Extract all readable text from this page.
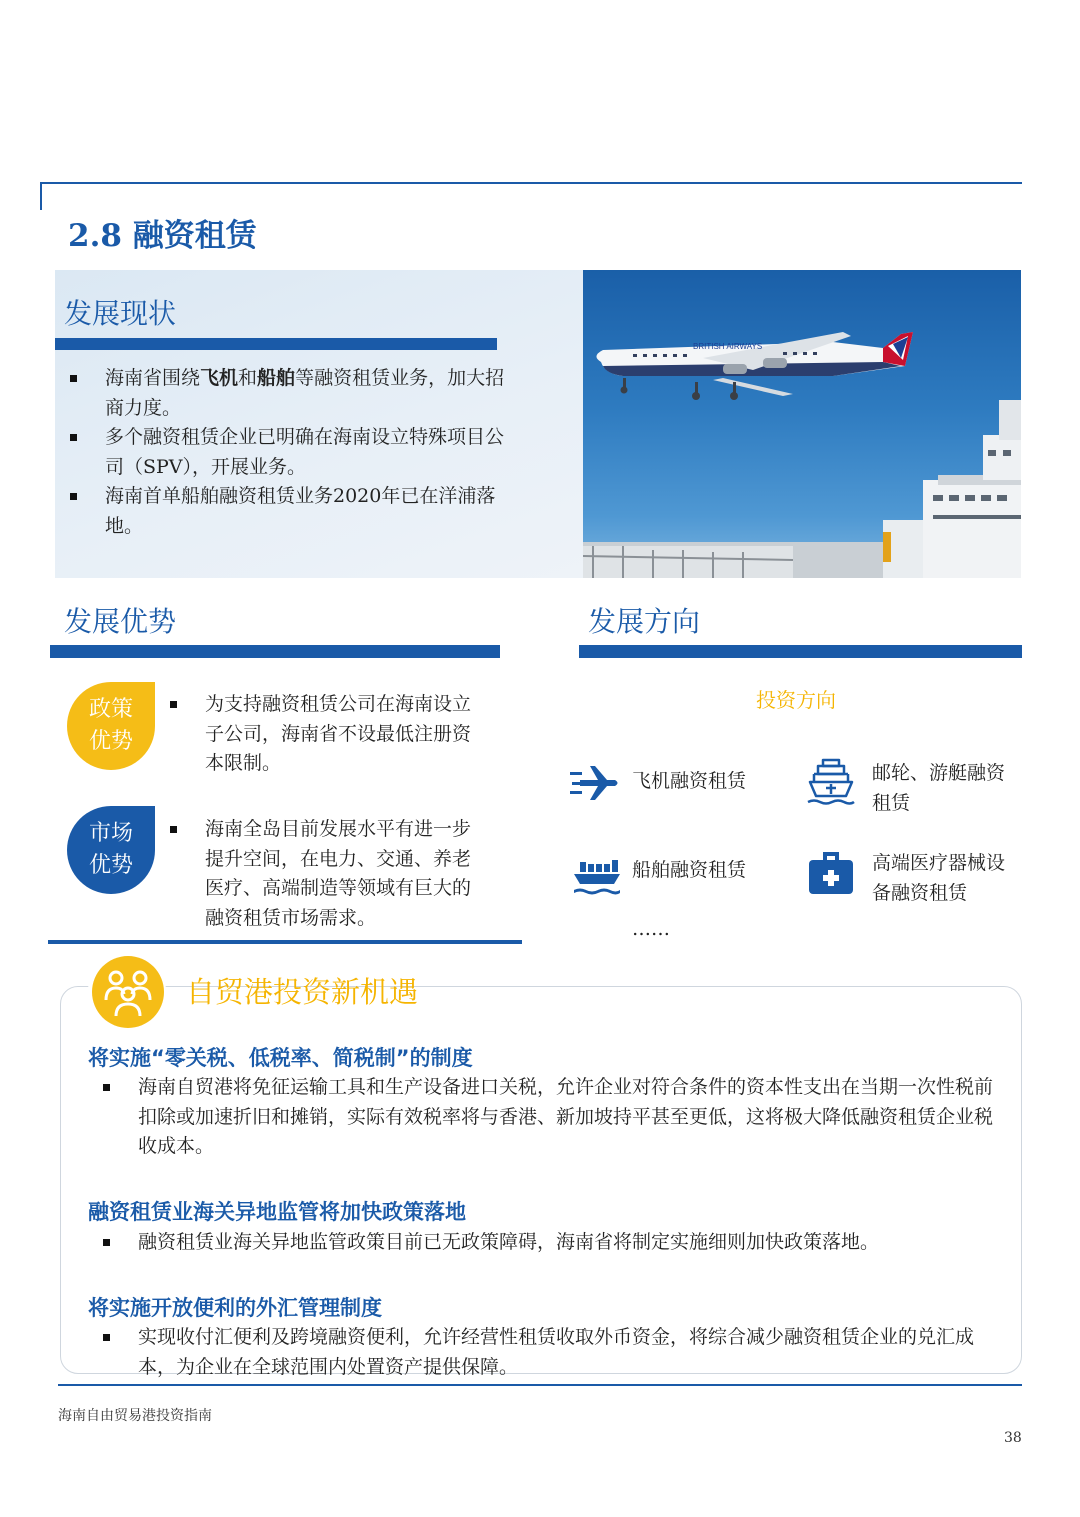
2.8 融资租赁
发展现状
海南省围绕飞机和船舶等融资租赁业务，加大招商力度。
多个融资租赁企业已明确在海南设立特殊项目公司（SPV），开展业务。
海南首单船舶融资租赁业务2020年已在洋浦落地。
BRITISH AIRWAYS
发展优势
政策
优势
为支持融资租赁公司在海南设立子公司，海南省不设最低注册资本限制。
市场
优势
海南全岛目前发展水平有进一步提升空间，在电力、交通、养老医疗、高端制造等领域有巨大的融资租赁市场需求。
发展方向
投资方向
飞机融资租赁	邮轮、游艇融资租赁
船舶融资租赁	高端医疗器械设备融资租赁
……
自贸港投资新机遇
将实施“零关税、低税率、简税制”的制度
海南自贸港将免征运输工具和生产设备进口关税，允许企业对符合条件的资本性支出在当期一次性税前扣除或加速折旧和摊销，实际有效税率将与香港、新加坡持平甚至更低，这将极大降低融资租赁企业税收成本。
融资租赁业海关异地监管将加快政策落地
融资租赁业海关异地监管政策目前已无政策障碍，海南省将制定实施细则加快政策落地。
将实施开放便利的外汇管理制度
实现收付汇便利及跨境融资便利，允许经营性租赁收取外币资金，将综合减少融资租赁企业的兑汇成本，为企业在全球范围内处置资产提供保障。
海南自由贸易港投资指南
38
